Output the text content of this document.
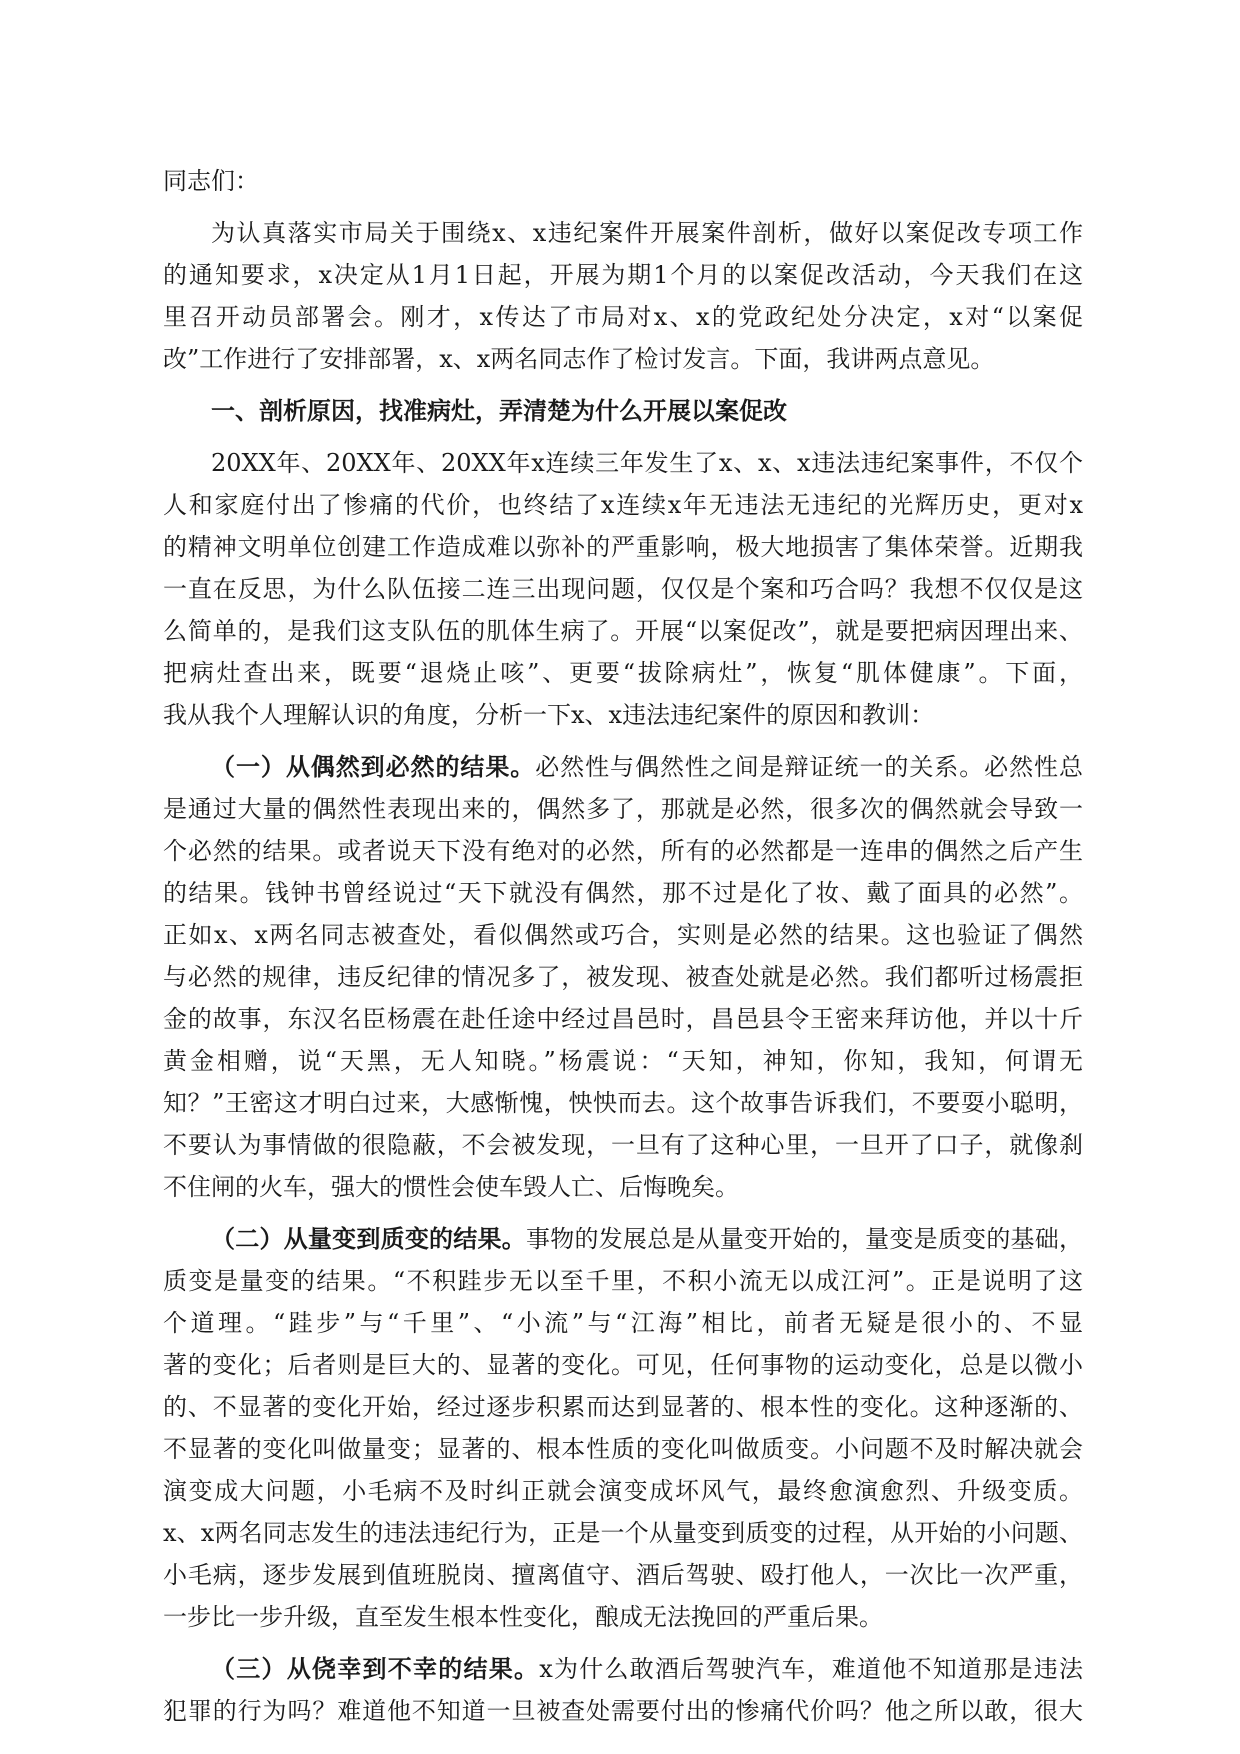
同志们：

为认真落实市局关于围绕x、x违纪案件开展案件剖析，做好以案促改专项工作

的通知要求，x决定从1月1日起，开展为期1个月的以案促改活动，今天我们在这

里召开动员部署会。刚才，x传达了市局对x、x的党政纪处分决定，x对“以案促

改”工作进行了安排部署，x、x两名同志作了检讨发言。下面，我讲两点意见。

一、剖析原因，找准病灶，弄清楚为什么开展以案促改

20XX年、20XX年、20XX年x连续三年发生了x、x、x违法违纪案事件，不仅个

人和家庭付出了惨痛的代价，也终结了x连续x年无违法无违纪的光辉历史，更对x

的精神文明单位创建工作造成难以弥补的严重影响，极大地损害了集体荣誉。近期我

一直在反思，为什么队伍接二连三出现问题，仅仅是个案和巧合吗？我想不仅仅是这

么简单的，是我们这支队伍的肌体生病了。开展“以案促改”，就是要把病因理出来、

把病灶查出来，既要“退烧止咳”、更要“拔除病灶”，恢复“肌体健康”。下面，

我从我个人理解认识的角度，分析一下x、x违法违纪案件的原因和教训：

（一）从偶然到必然的结果。必然性与偶然性之间是辩证统一的关系。必然性总

是通过大量的偶然性表现出来的，偶然多了，那就是必然，很多次的偶然就会导致一

个必然的结果。或者说天下没有绝对的必然，所有的必然都是一连串的偶然之后产生

的结果。钱钟书曾经说过“天下就没有偶然，那不过是化了妆、戴了面具的必然”。

正如x、x两名同志被查处，看似偶然或巧合，实则是必然的结果。这也验证了偶然

与必然的规律，违反纪律的情况多了，被发现、被查处就是必然。我们都听过杨震拒

金的故事，东汉名臣杨震在赴任途中经过昌邑时，昌邑县令王密来拜访他，并以十斤

黄金相赠，说“天黑，无人知晓。”杨震说：“天知，神知，你知，我知，何谓无

知？”王密这才明白过来，大感惭愧，怏怏而去。这个故事告诉我们，不要耍小聪明，

不要认为事情做的很隐蔽，不会被发现，一旦有了这种心里，一旦开了口子，就像刹

不住闸的火车，强大的惯性会使车毁人亡、后悔晚矣。

（二）从量变到质变的结果。事物的发展总是从量变开始的，量变是质变的基础，

质变是量变的结果。“不积跬步无以至千里，不积小流无以成江河”。正是说明了这

个道理。“跬步”与“千里”、“小流”与“江海”相比，前者无疑是很小的、不显

著的变化；后者则是巨大的、显著的变化。可见，任何事物的运动变化，总是以微小

的、不显著的变化开始，经过逐步积累而达到显著的、根本性的变化。这种逐渐的、

不显著的变化叫做量变；显著的、根本性质的变化叫做质变。小问题不及时解决就会

演变成大问题，小毛病不及时纠正就会演变成坏风气，最终愈演愈烈、升级变质。

x、x两名同志发生的违法违纪行为，正是一个从量变到质变的过程，从开始的小问题、

小毛病，逐步发展到值班脱岗、擅离值守、酒后驾驶、殴打他人，一次比一次严重，

一步比一步升级，直至发生根本性变化，酿成无法挽回的严重后果。

（三）从侥幸到不幸的结果。x为什么敢酒后驾驶汽车，难道他不知道那是违法

犯罪的行为吗？难道他不知道一旦被查处需要付出的惨痛代价吗？他之所以敢，很大
